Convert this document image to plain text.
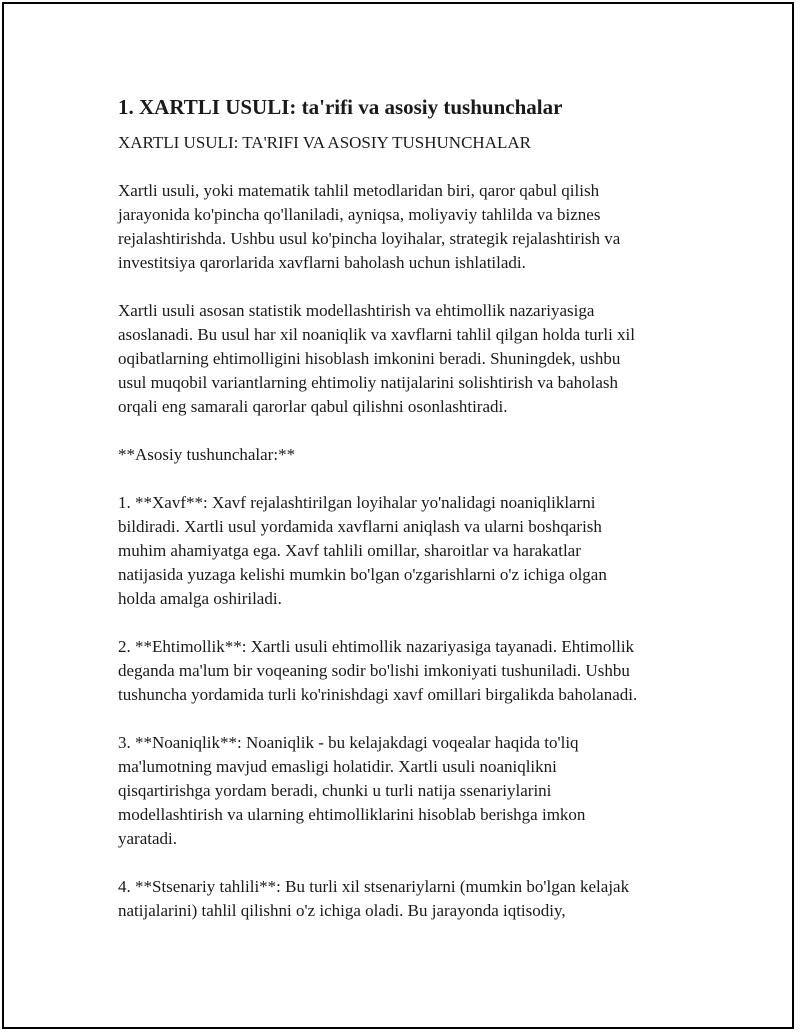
1. XARTLI USULI: ta'rifi va asosiy tushunchalar
XARTLI USULI: TA'RIFI VA ASOSIY TUSHUNCHALAR
Xartli usuli, yoki matematik tahlil metodlaridan biri, qaror qabul qilish
jarayonida ko'pincha qo'llaniladi, ayniqsa, moliyaviy tahlilda va biznes
rejalashtirishda. Ushbu usul ko'pincha loyihalar, strategik rejalashtirish va
investitsiya qarorlarida xavflarni baholash uchun ishlatiladi.
Xartli usuli asosan statistik modellashtirish va ehtimollik nazariyasiga
asoslanadi. Bu usul har xil noaniqlik va xavflarni tahlil qilgan holda turli xil
oqibatlarning ehtimolligini hisoblash imkonini beradi. Shuningdek, ushbu
usul muqobil variantlarning ehtimoliy natijalarini solishtirish va baholash
orqali eng samarali qarorlar qabul qilishni osonlashtiradi.
**Asosiy tushunchalar:**
1. **Xavf**: Xavf rejalashtirilgan loyihalar yo'nalidagi noaniqliklarni
bildiradi. Xartli usul yordamida xavflarni aniqlash va ularni boshqarish
muhim ahamiyatga ega. Xavf tahlili omillar, sharoitlar va harakatlar
natijasida yuzaga kelishi mumkin bo'lgan o'zgarishlarni o'z ichiga olgan
holda amalga oshiriladi.
2. **Ehtimollik**: Xartli usuli ehtimollik nazariyasiga tayanadi. Ehtimollik
deganda ma'lum bir voqeaning sodir bo'lishi imkoniyati tushuniladi. Ushbu
tushuncha yordamida turli ko'rinishdagi xavf omillari birgalikda baholanadi.
3. **Noaniqlik**: Noaniqlik - bu kelajakdagi voqealar haqida to'liq
ma'lumotning mavjud emasligi holatidir. Xartli usuli noaniqlikni
qisqartirishga yordam beradi, chunki u turli natija ssenariylarini
modellashtirish va ularning ehtimolliklarini hisoblab berishga imkon
yaratadi.
4. **Stsenariy tahlili**: Bu turli xil stsenariylarni (mumkin bo'lgan kelajak
natijalarini) tahlil qilishni o'z ichiga oladi. Bu jarayonda iqtisodiy,
